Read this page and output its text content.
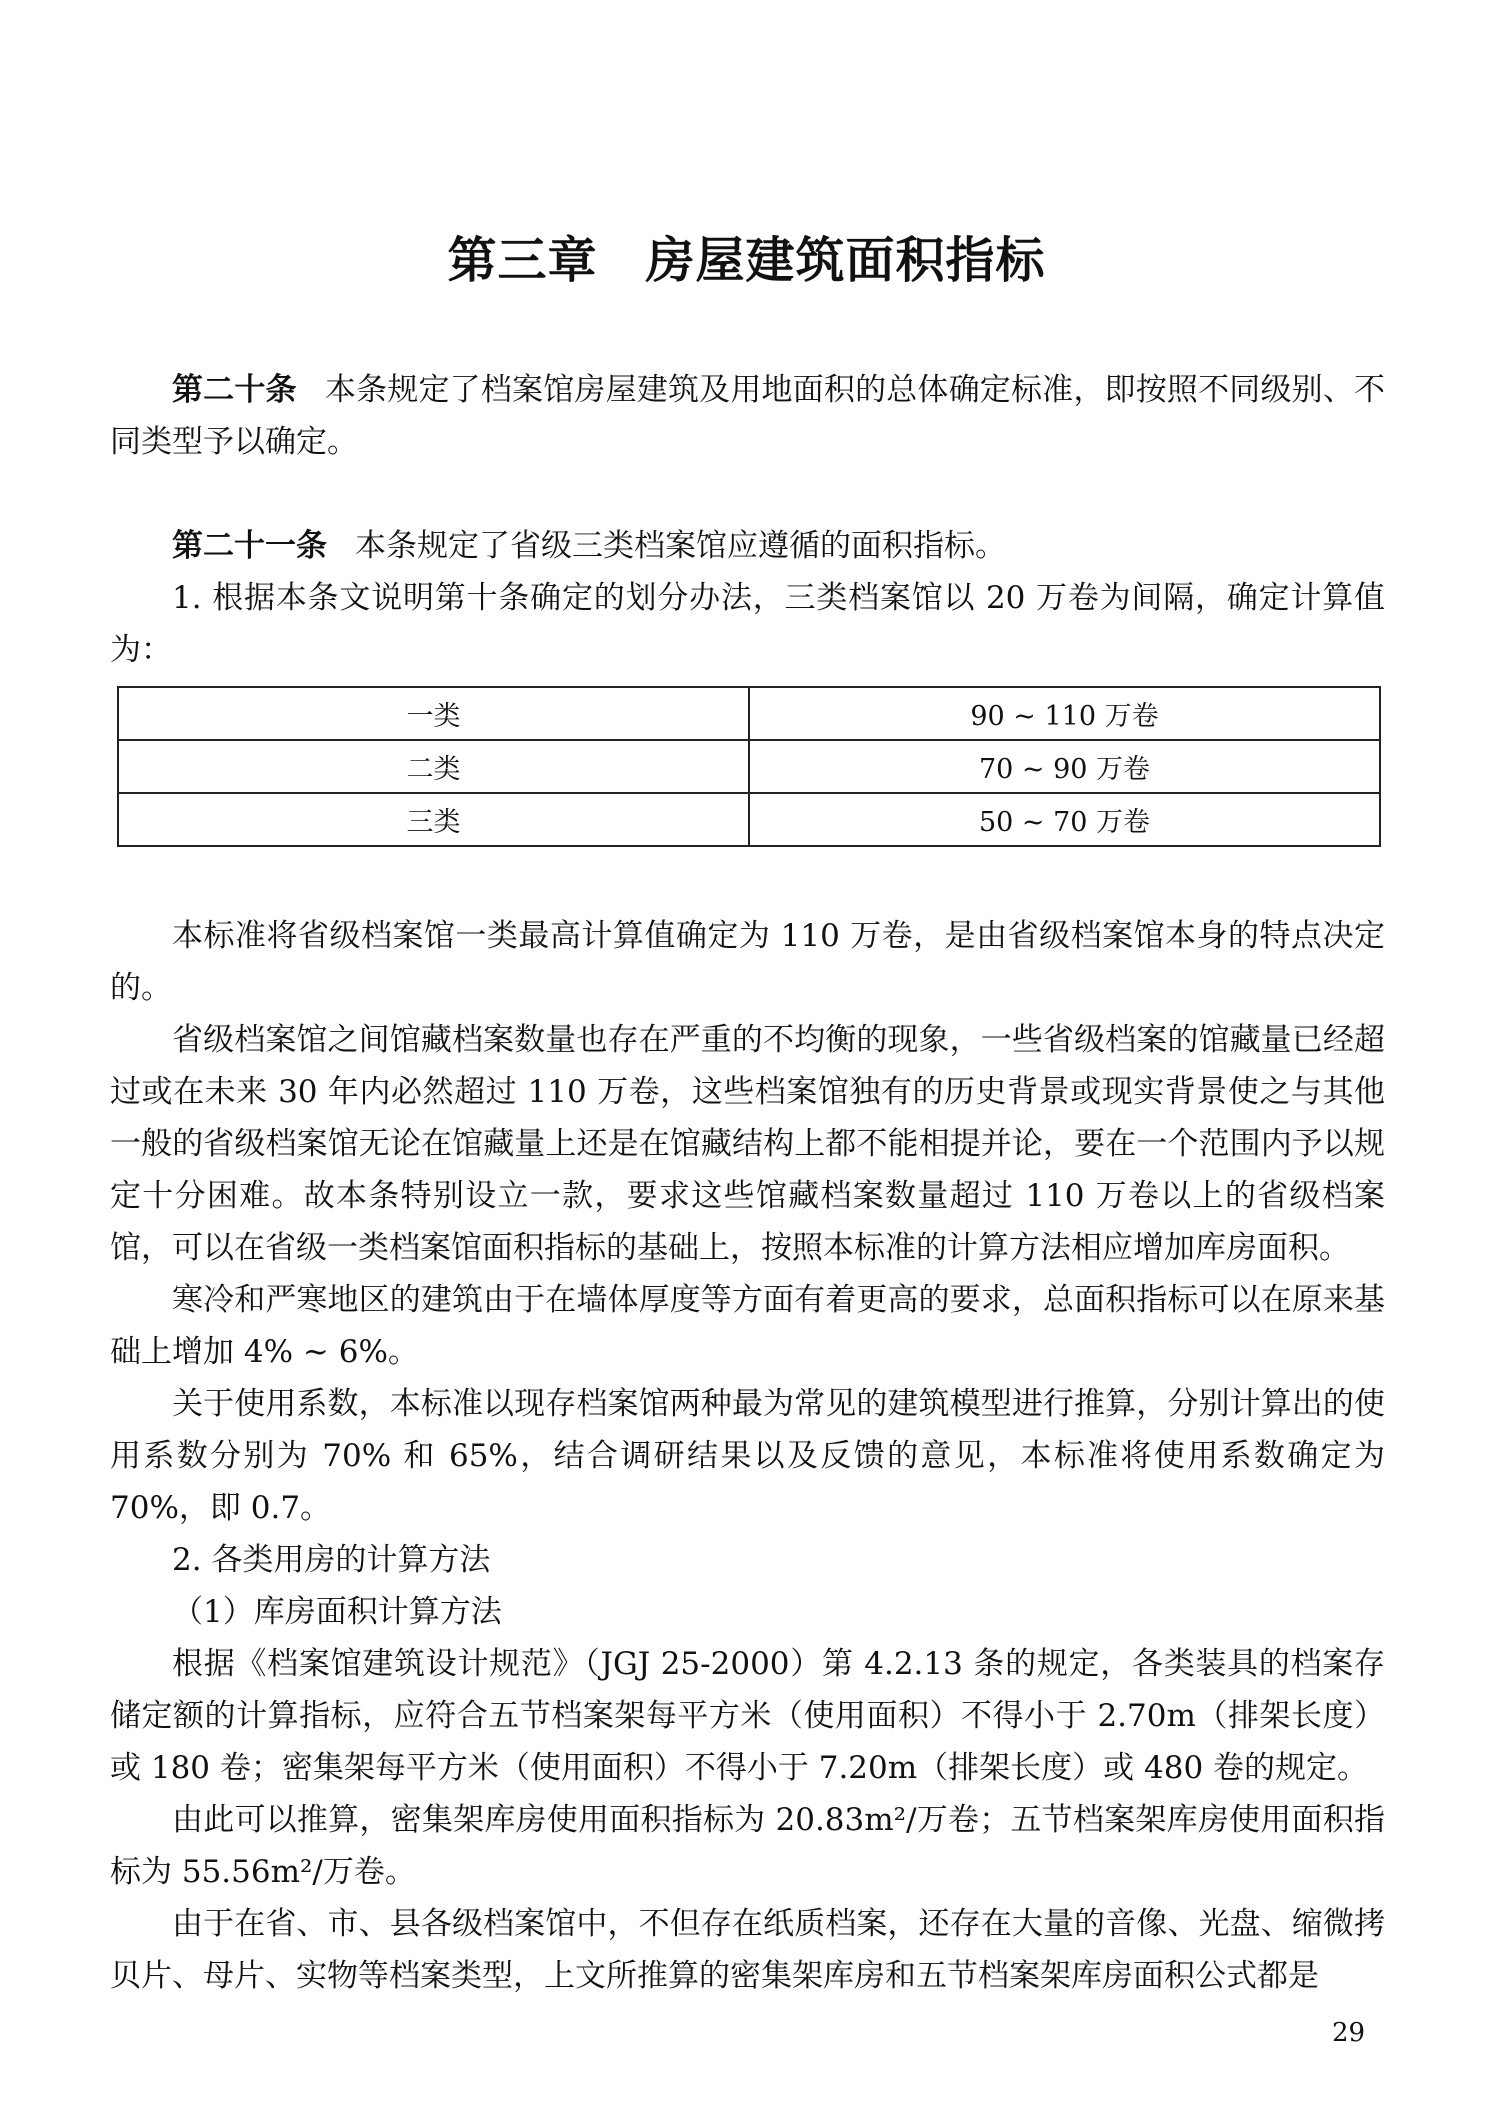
第三章 房屋建筑面积指标

第二十条 本条规定了档案馆房屋建筑及用地面积的总体确定标准，即按照不同级别、不同类型予以确定。

第二十一条 本条规定了省级三类档案馆应遵循的面积指标。

1. 根据本条文说明第十条确定的划分办法，三类档案馆以 20 万卷为间隔，确定计算值为：

一类	90 ~ 110 万卷
二类	70 ~ 90 万卷
三类	50 ~ 70 万卷

本标准将省级档案馆一类最高计算值确定为 110 万卷，是由省级档案馆本身的特点决定的。

省级档案馆之间馆藏档案数量也存在严重的不均衡的现象，一些省级档案的馆藏量已经超过或在未来 30 年内必然超过 110 万卷，这些档案馆独有的历史背景或现实背景使之与其他一般的省级档案馆无论在馆藏量上还是在馆藏结构上都不能相提并论，要在一个范围内予以规定十分困难。故本条特别设立一款，要求这些馆藏档案数量超过 110 万卷以上的省级档案馆，可以在省级一类档案馆面积指标的基础上，按照本标准的计算方法相应增加库房面积。

寒冷和严寒地区的建筑由于在墙体厚度等方面有着更高的要求，总面积指标可以在原来基础上增加 4% ~ 6%。

关于使用系数，本标准以现存档案馆两种最为常见的建筑模型进行推算，分别计算出的使用系数分别为 70% 和 65%，结合调研结果以及反馈的意见，本标准将使用系数确定为 70%，即 0.7。

2. 各类用房的计算方法

（1）库房面积计算方法

根据《档案馆建筑设计规范》（JGJ 25-2000）第 4.2.13 条的规定，各类装具的档案存储定额的计算指标，应符合五节档案架每平方米（使用面积）不得小于 2.70m（排架长度）或 180 卷；密集架每平方米（使用面积）不得小于 7.20m（排架长度）或 480 卷的规定。

由此可以推算，密集架库房使用面积指标为 20.83m²/万卷；五节档案架库房使用面积指标为 55.56m²/万卷。

由于在省、市、县各级档案馆中，不但存在纸质档案，还存在大量的音像、光盘、缩微拷贝片、母片、实物等档案类型，上文所推算的密集架库房和五节档案架库房面积公式都是

29
